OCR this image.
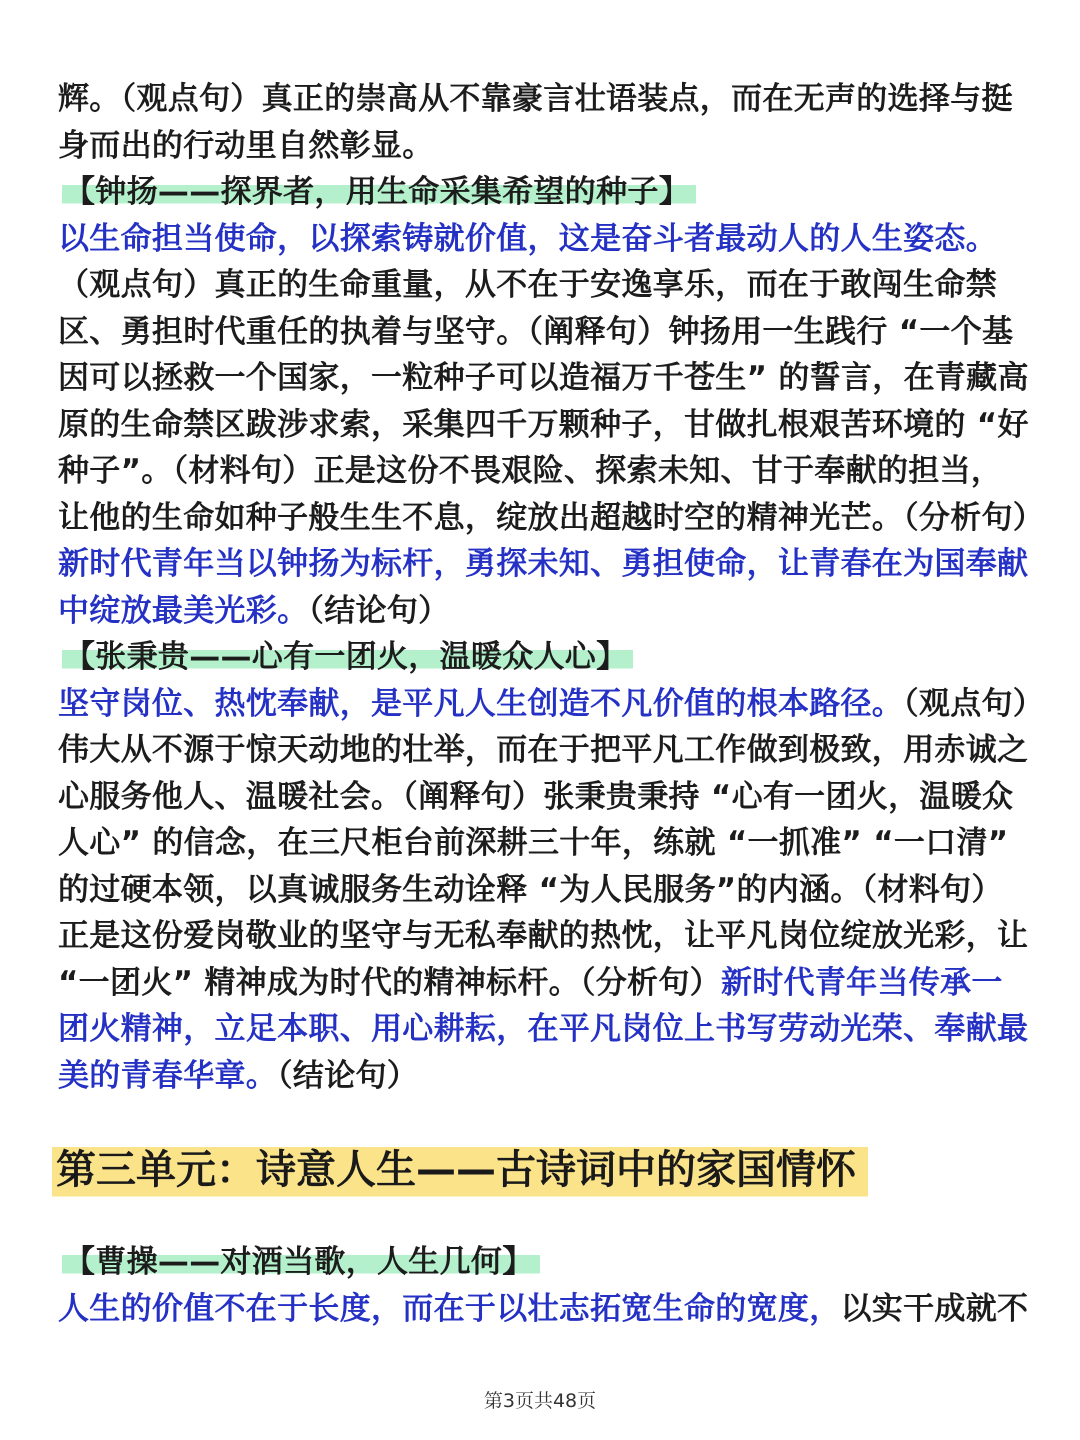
辉。（观点句）真正的崇高从不靠豪言壮语装点，而在无声的选择与挺身而出的行动里自然彰显。

【钟扬——探界者，用生命采集希望的种子】

以生命担当使命，以探索铸就价值，这是奋斗者最动人的人生姿态。
（观点句）真正的生命重量，从不在于安逸享乐，而在于敢闯生命禁区、勇担时代重任的执着与坚守。（阐释句）钟扬用一生践行 “一个基因可以拯救一个国家，一粒种子可以造福万千苍生” 的誓言，在青藏高原的生命禁区跋涉求索，采集四千万颗种子，甘做扎根艰苦环境的 “好种子”。（材料句）正是这份不畏艰险、探索未知、甘于奉献的担当，让他的生命如种子般生生不息，绽放出超越时空的精神光芒。（分析句）新时代青年当以钟扬为标杆，勇探未知、勇担使命，让青春在为国奉献中绽放最美光彩。（结论句）

【张秉贵——心有一团火，温暖众人心】

坚守岗位、热忱奉献，是平凡人生创造不凡价值的根本路径。（观点句）伟大从不源于惊天动地的壮举，而在于把平凡工作做到极致，用赤诚之心服务他人、温暖社会。（阐释句）张秉贵秉持 “心有一团火，温暖众人心” 的信念，在三尺柜台前深耕三十年，练就 “一抓准” “一口清” 的过硬本领，以真诚服务生动诠释 “为人民服务”的内涵。（材料句）正是这份爱岗敬业的坚守与无私奉献的热忱，让平凡岗位绽放光彩，让 “一团火” 精神成为时代的精神标杆。（分析句）新时代青年当传承一团火精神，立足本职、用心耕耘，在平凡岗位上书写劳动光荣、奉献最美的青春华章。（结论句）

第三单元：诗意人生——古诗词中的家国情怀

【曹操——对酒当歌，人生几何】

人生的价值不在于长度，而在于以壮志拓宽生命的宽度，以实干成就不

第3页共48页
